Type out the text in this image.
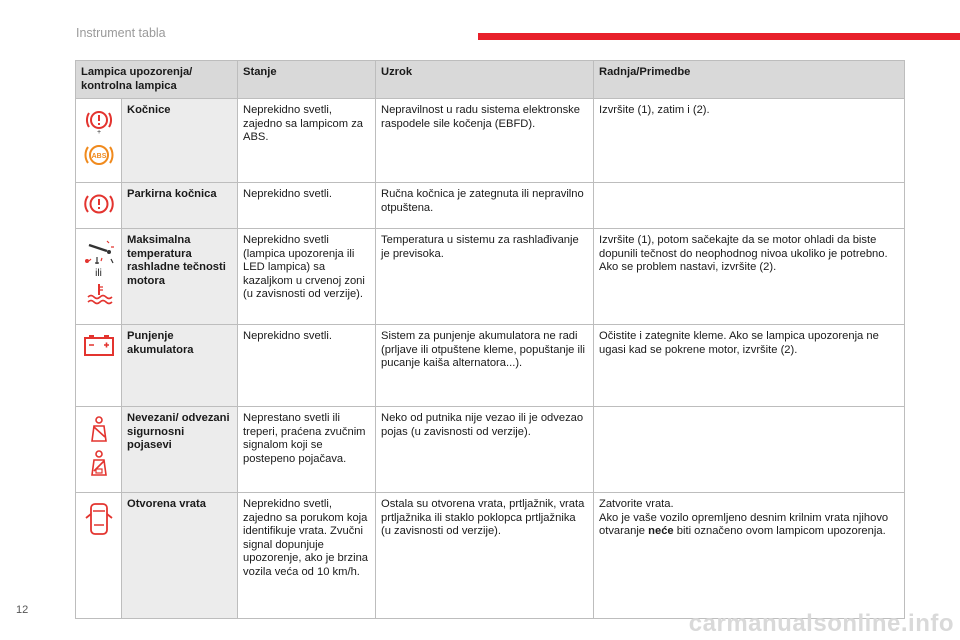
Instrument tabla
Lampica upozorenja/ kontrolna lampica		Stanje	Uzrok	Radnja/Primedbe

+
ABS	Kočnice	Neprekidno svetli, zajedno sa lampicom za ABS.	Nepravilnost u radu sistema elektronske raspodele sile kočenja (EBFD).	Izvršite (1), zatim i (2).

	Parkirna kočnica	Neprekidno svetli.	Ručna kočnica je zategnuta ili nepravilno otpuštena.	

ili	Maksimalna temperatura rashladne tečnosti motora	Neprekidno svetli (lampica upozorenja ili LED lampica) sa kazaljkom u crvenoj zoni (u zavisnosti od verzije).	Temperatura u sistemu za rashlađivanje je previsoka.	Izvršite (1), potom sačekajte da se motor ohladi da biste dopunili tečnost do neophodnog nivoa ukoliko je potrebno. Ako se problem nastavi, izvršite (2).

	Punjenje akumulatora	Neprekidno svetli.	Sistem za punjenje akumulatora ne radi (prljave ili otpuštene kleme, popuštanje ili pucanje kaiša alternatora...).	Očistite i zategnite kleme. Ako se lampica upozorenja ne ugasi kad se pokrene motor, izvršite (2).

	Nevezani/ odvezani sigurnosni pojasevi	Neprestano svetli ili treperi, praćena zvučnim signalom koji se postepeno pojačava.	Neko od putnika nije vezao ili je odvezao pojas (u zavisnosti od verzije).	

	Otvorena vrata	Neprekidno svetli, zajedno sa porukom koja identifikuje vrata. Zvučni signal dopunjuje upozorenje, ako je brzina vozila veća od 10 km/h.	Ostala su otvorena vrata, prtljažnik, vrata prtljažnika ili staklo poklopca prtljažnika (u zavisnosti od verzije).	Zatvorite vrata.
Ako je vaše vozilo opremljeno desnim krilnim vrata njihovo otvaranje neće biti označeno ovom lampicom upozorenja.
12	carmanualsonline.info
